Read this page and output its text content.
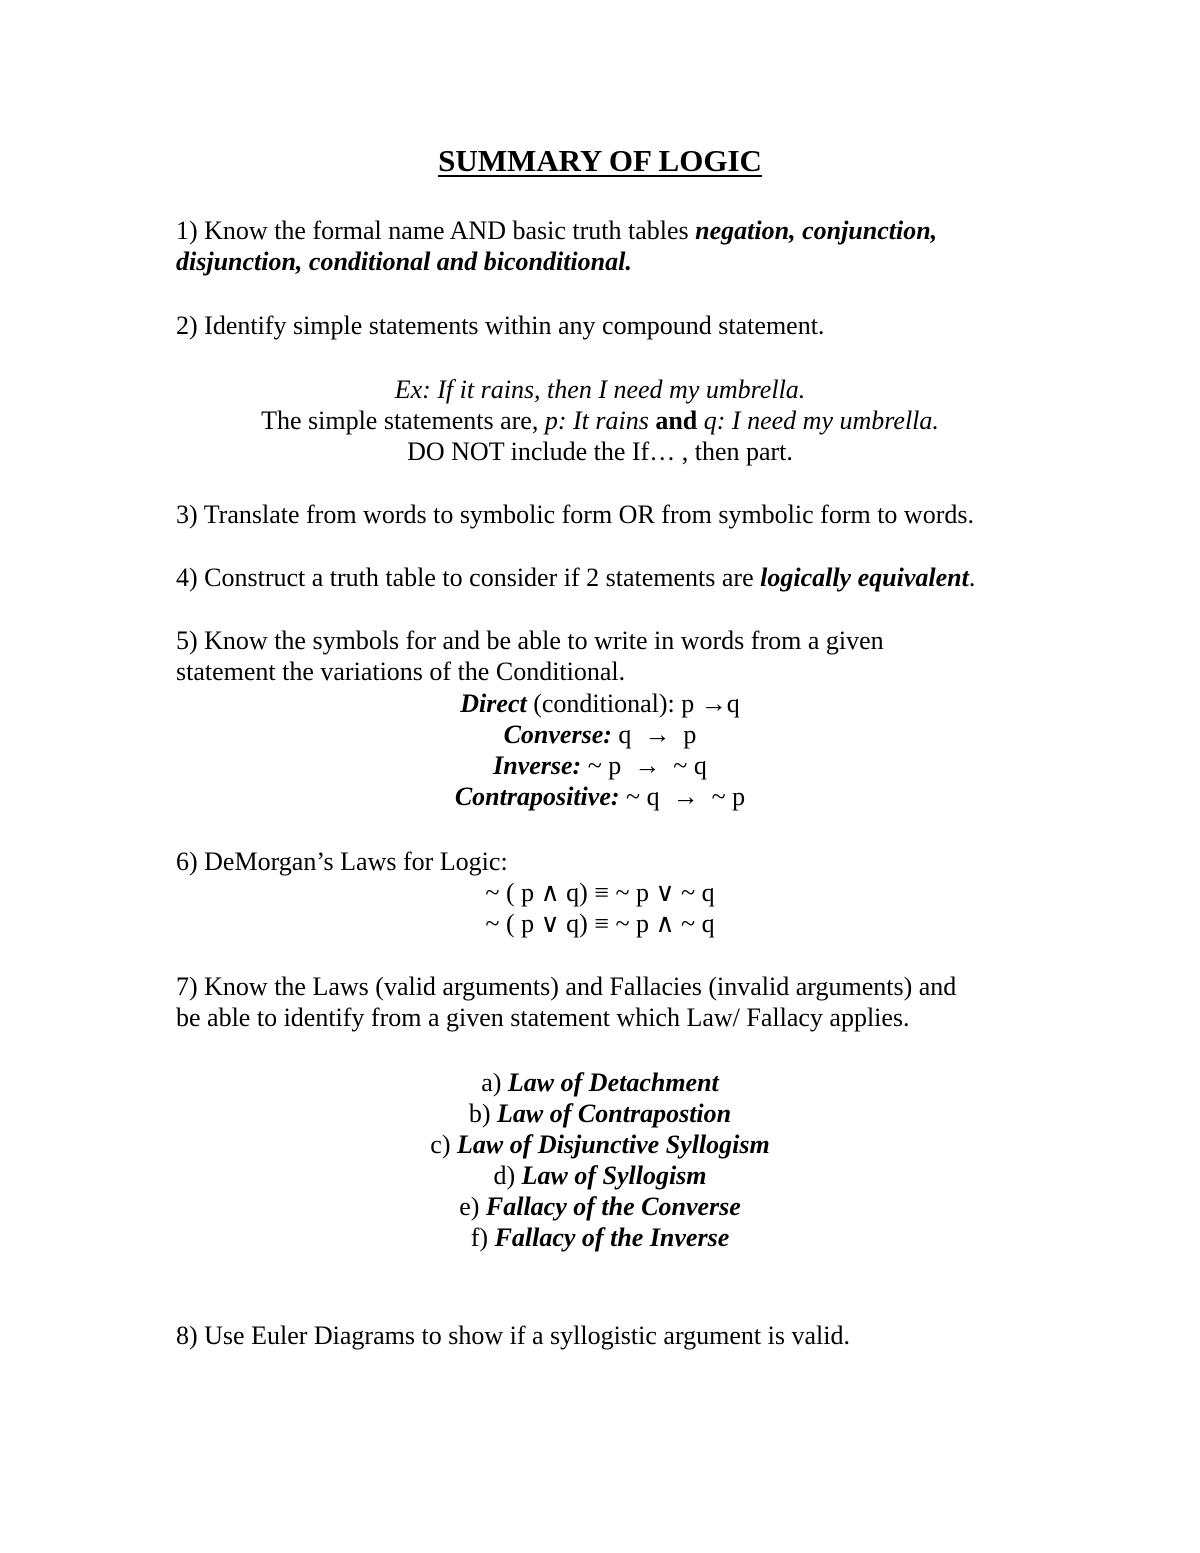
SUMMARY OF LOGIC
1) Know the formal name AND basic truth tables negation, conjunction,
disjunction, conditional and biconditional.
2) Identify simple statements within any compound statement.
Ex: If it rains, then I need my umbrella.
The simple statements are, p: It rains and q: I need my umbrella.
DO NOT include the If… , then part.
3) Translate from words to symbolic form OR from symbolic form to words.
4) Construct a truth table to consider if 2 statements are logically equivalent.
5) Know the symbols for and be able to write in words from a given
statement the variations of the Conditional.
Direct (conditional): p →q
Converse: q  →  p
Inverse: ~ p  →  ~ q
Contrapositive: ~ q  →  ~ p
6) DeMorgan’s Laws for Logic:
~ ( p ∧ q) ≡ ~ p ∨ ~ q
~ ( p ∨ q) ≡ ~ p ∧ ~ q
7) Know the Laws (valid arguments) and Fallacies (invalid arguments) and
be able to identify from a given statement which Law/ Fallacy applies.
a) Law of Detachment
b) Law of Contrapostion
c) Law of Disjunctive Syllogism
d) Law of Syllogism
e) Fallacy of the Converse
f) Fallacy of the Inverse
8) Use Euler Diagrams to show if a syllogistic argument is valid.
